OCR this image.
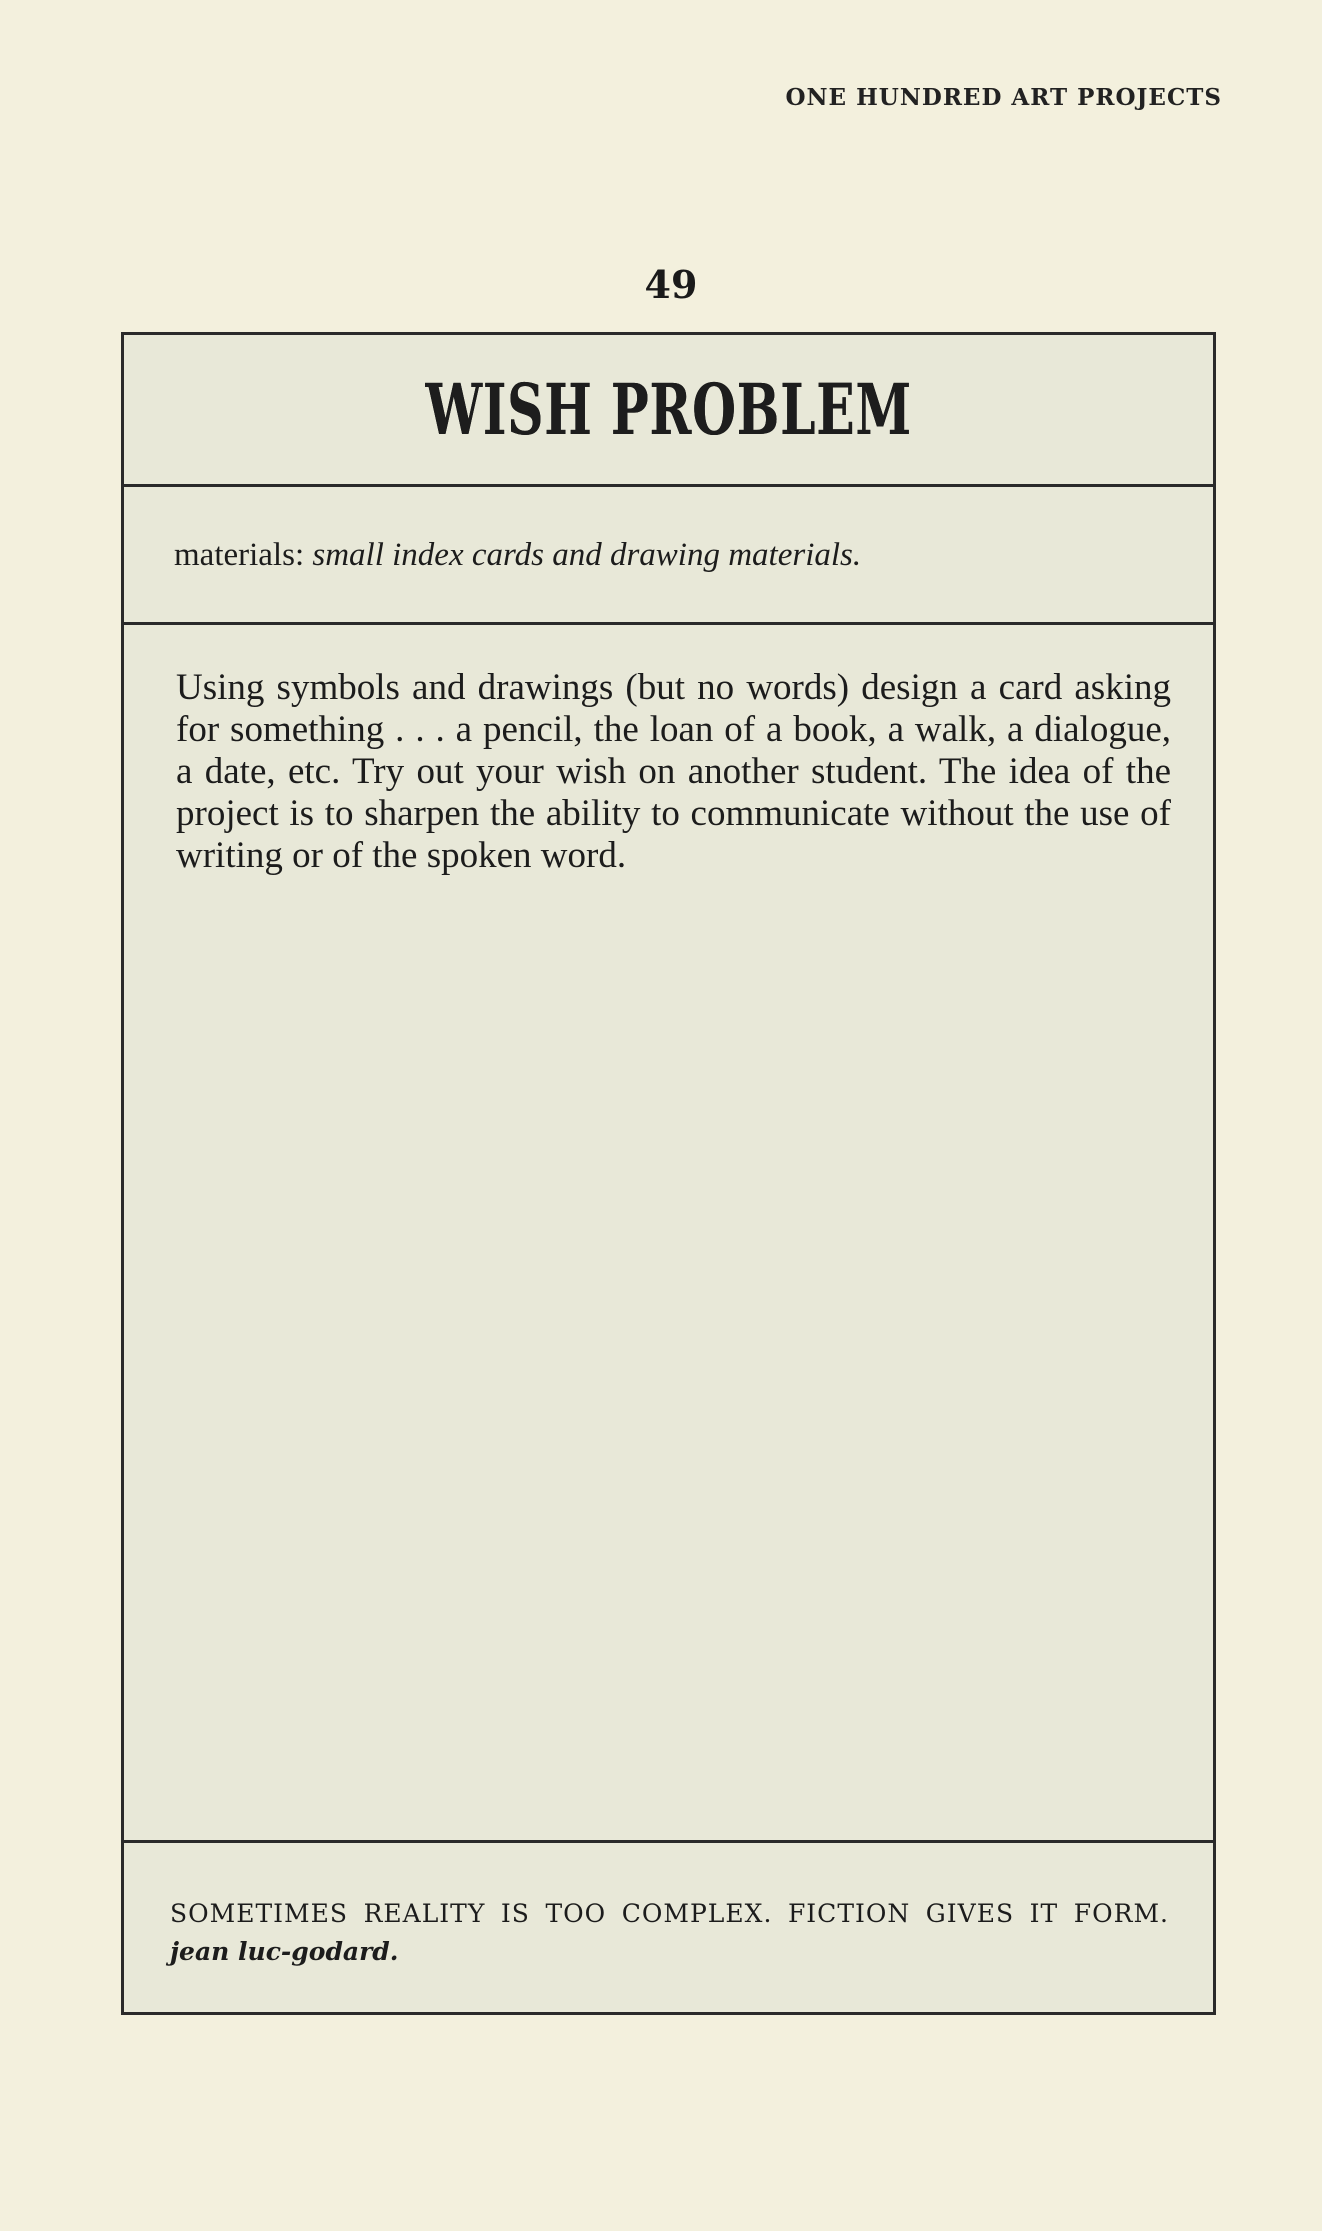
ONE HUNDRED ART PROJECTS
49
WISH PROBLEM
materials: small index cards and drawing materials.
Using symbols and drawings (but no words) design a card asking for something . . . a pencil, the loan of a book, a walk, a dialogue, a date, etc. Try out your wish on another student. The idea of the project is to sharpen the ability to communicate without the use of writing or of the spoken word.
SOMETIMES REALITY IS TOO COMPLEX. FICTION GIVES IT FORM. jean luc-godard.
